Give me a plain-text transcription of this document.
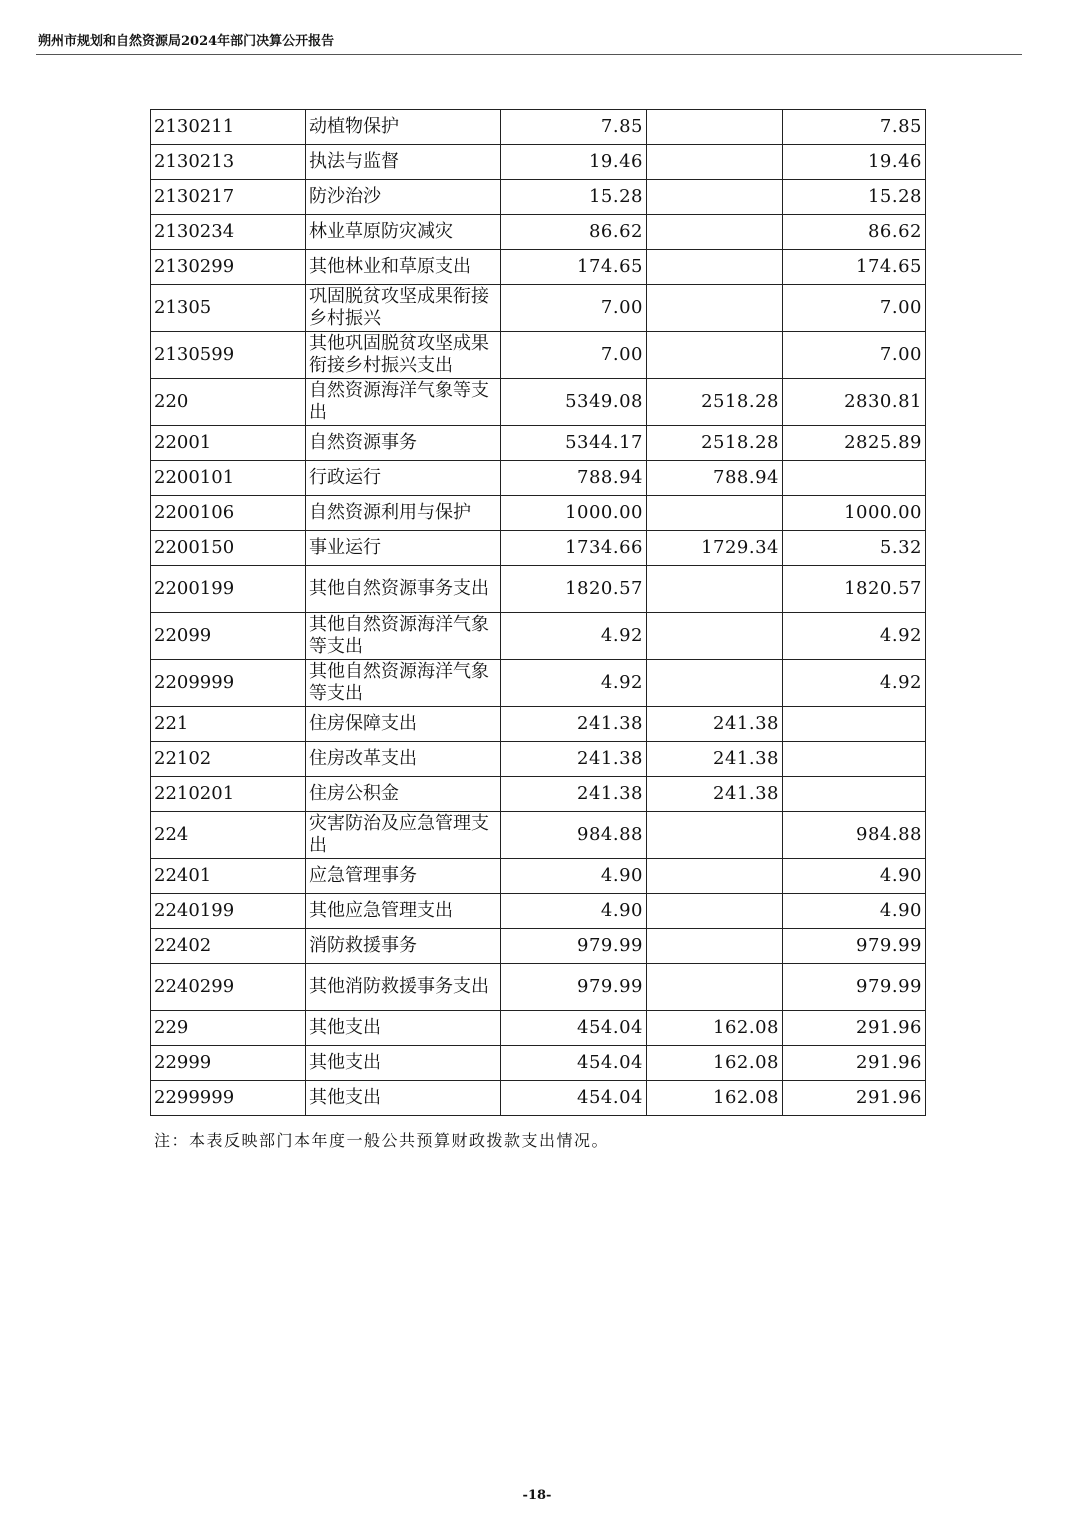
朔州市规划和自然资源局2024年部门决算公开报告
2130211	动植物保护	7.85		7.85
2130213	执法与监督	19.46		19.46
2130217	防沙治沙	15.28		15.28
2130234	林业草原防灾减灾	86.62		86.62
2130299	其他林业和草原支出	174.65		174.65
21305	巩固脱贫攻坚成果衔接乡村振兴	7.00		7.00
2130599	其他巩固脱贫攻坚成果衔接乡村振兴支出	7.00		7.00
220	自然资源海洋气象等支出	5349.08	2518.28	2830.81
22001	自然资源事务	5344.17	2518.28	2825.89
2200101	行政运行	788.94	788.94	
2200106	自然资源利用与保护	1000.00		1000.00
2200150	事业运行	1734.66	1729.34	5.32
2200199	其他自然资源事务支出	1820.57		1820.57
22099	其他自然资源海洋气象等支出	4.92		4.92
2209999	其他自然资源海洋气象等支出	4.92		4.92
221	住房保障支出	241.38	241.38	
22102	住房改革支出	241.38	241.38	
2210201	住房公积金	241.38	241.38	
224	灾害防治及应急管理支出	984.88		984.88
22401	应急管理事务	4.90		4.90
2240199	其他应急管理支出	4.90		4.90
22402	消防救援事务	979.99		979.99
2240299	其他消防救援事务支出	979.99		979.99
229	其他支出	454.04	162.08	291.96
22999	其他支出	454.04	162.08	291.96
2299999	其他支出	454.04	162.08	291.96
注：本表反映部门本年度一般公共预算财政拨款支出情况。
-18-
